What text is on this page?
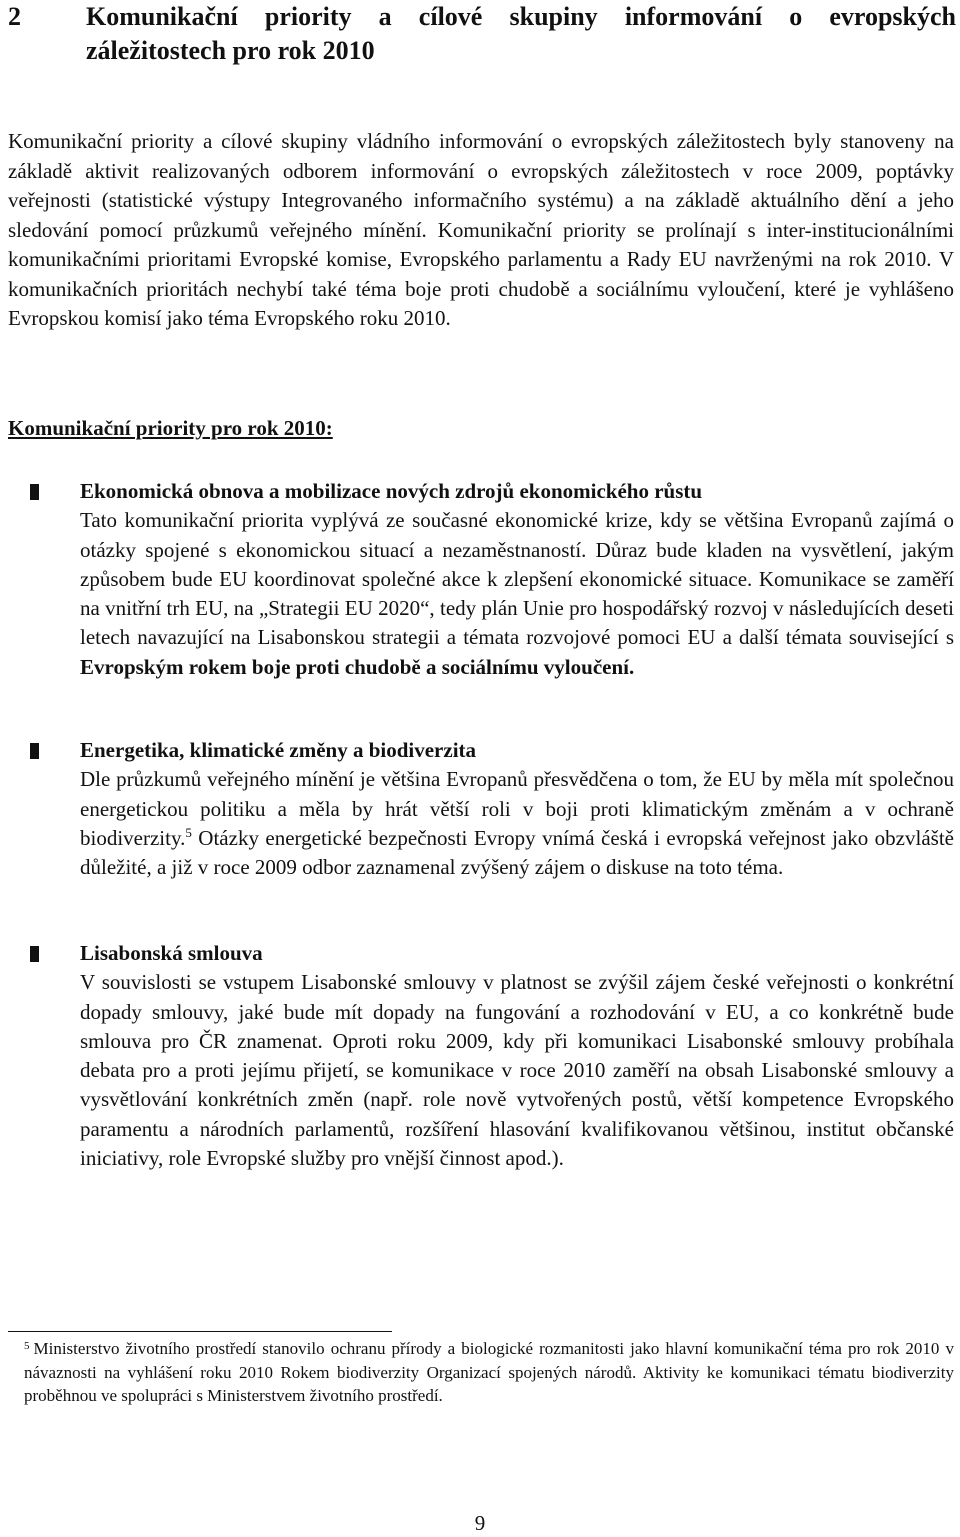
2	Komunikační priority a cílové skupiny informování o evropských záležitostech pro rok 2010

Komunikační priority a cílové skupiny vládního informování o evropských záležitostech byly stanoveny na základě aktivit realizovaných odborem informování o evropských záležitostech v roce 2009, poptávky veřejnosti (statistické výstupy Integrovaného informačního systému) a na základě aktuálního dění a jeho sledování pomocí průzkumů veřejného mínění. Komunikační priority se prolínají s inter-institucionálními komunikačními prioritami Evropské komise, Evropského parlamentu a Rady EU navrženými na rok 2010. V komunikačních prioritách nechybí také téma boje proti chudobě a sociálnímu vyloučení, které je vyhlášeno Evropskou komisí jako téma Evropského roku 2010.

Komunikační priority pro rok 2010:
Ekonomická obnova a mobilizace nových zdrojů ekonomického růstu
Tato komunikační priorita vyplývá ze současné ekonomické krize, kdy se většina Evropanů zajímá o otázky spojené s ekonomickou situací a nezaměstnaností. Důraz bude kladen na vysvětlení, jakým způsobem bude EU koordinovat společné akce k zlepšení ekonomické situace. Komunikace se zaměří na vnitřní trh EU, na „Strategii EU 2020“, tedy plán Unie pro hospodářský rozvoj v následujících deseti letech navazující na Lisabonskou strategii a témata rozvojové pomoci EU a další témata související s Evropským rokem boje proti chudobě a sociálnímu vyloučení.
Energetika, klimatické změny a biodiverzita
Dle průzkumů veřejného mínění je většina Evropanů přesvědčena o tom, že EU by měla mít společnou energetickou politiku a měla by hrát větší roli v boji proti klimatickým změnám a v ochraně biodiverzity.$^5$ Otázky energetické bezpečnosti Evropy vnímá česká i evropská veřejnost jako obzvláště důležité, a již v roce 2009 odbor zaznamenal zvýšený zájem o diskuse na toto téma.
Lisabonská smlouva
V souvislosti se vstupem Lisabonské smlouvy v platnost se zvýšil zájem české veřejnosti o konkrétní dopady smlouvy, jaké bude mít dopady na fungování a rozhodování v EU, a co konkrétně bude smlouva pro ČR znamenat. Oproti roku 2009, kdy při komunikaci Lisabonské smlouvy probíhala debata pro a proti jejímu přijetí, se komunikace v roce 2010 zaměří na obsah Lisabonské smlouvy a vysvětlování konkrétních změn (např. role nově vytvořených postů, větší kompetence Evropského paramentu a národních parlamentů, rozšíření hlasování kvalifikovanou většinou, institut občanské iniciativy, role Evropské služby pro vnější činnost apod.).
$^5$ Ministerstvo životního prostředí stanovilo ochranu přírody a biologické rozmanitosti jako hlavní komunikační téma pro rok 2010 v návaznosti na vyhlášení roku 2010 Rokem biodiverzity Organizací spojených národů. Aktivity ke komunikaci tématu biodiverzity proběhnou ve spolupráci s Ministerstvem životního prostředí.
9
